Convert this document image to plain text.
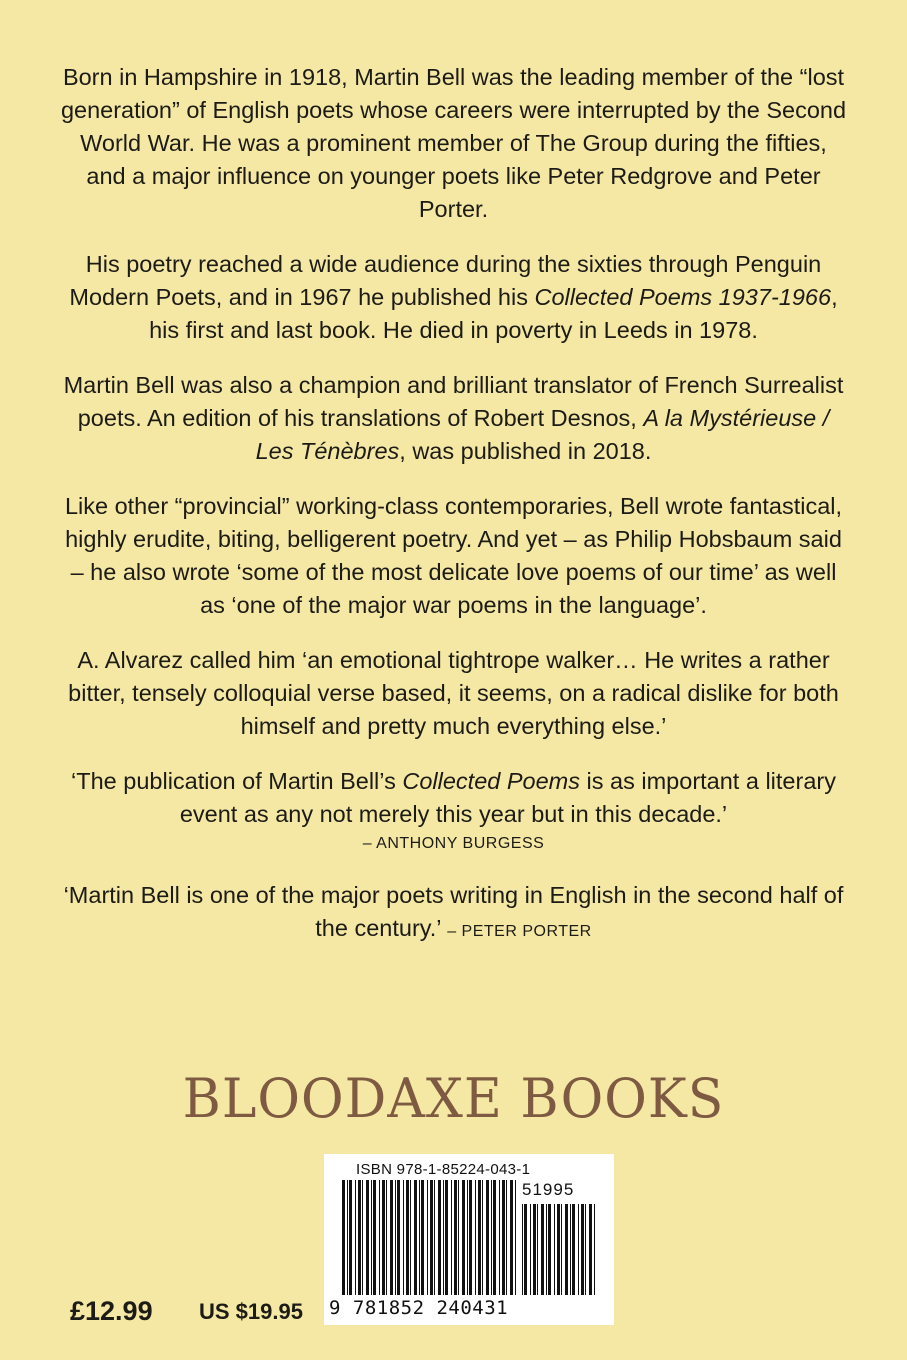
Born in Hampshire in 1918, Martin Bell was the leading member of the “lost generation” of English poets whose careers were interrupted by the Second World War. He was a prominent member of The Group during the fifties, and a major influence on younger poets like Peter Redgrove and Peter Porter.

His poetry reached a wide audience during the sixties through Penguin Modern Poets, and in 1967 he published his Collected Poems 1937-1966, his first and last book. He died in poverty in Leeds in 1978.

Martin Bell was also a champion and brilliant translator of French Surrealist poets. An edition of his translations of Robert Desnos, A la Mystérieuse / Les Ténèbres, was published in 2018.

Like other “provincial” working-class contemporaries, Bell wrote fantastical, highly erudite, biting, belligerent poetry. And yet – as Philip Hobsbaum said – he also wrote ‘some of the most delicate love poems of our time’ as well as ‘one of the major war poems in the language’.

A. Alvarez called him ‘an emotional tightrope walker… He writes a rather bitter, tensely colloquial verse based, it seems, on a radical dislike for both himself and pretty much everything else.’

‘The publication of Martin Bell’s Collected Poems is as important a literary event as any not merely this year but in this decade.’
– ANTHONY BURGESS

‘Martin Bell is one of the major poets writing in English in the second half of the century.’ – PETER PORTER

BLOODAXE BOOKS
£12.99 US $19.95
ISBN 978-1-85224-043-1
51995
9 781852 240431
